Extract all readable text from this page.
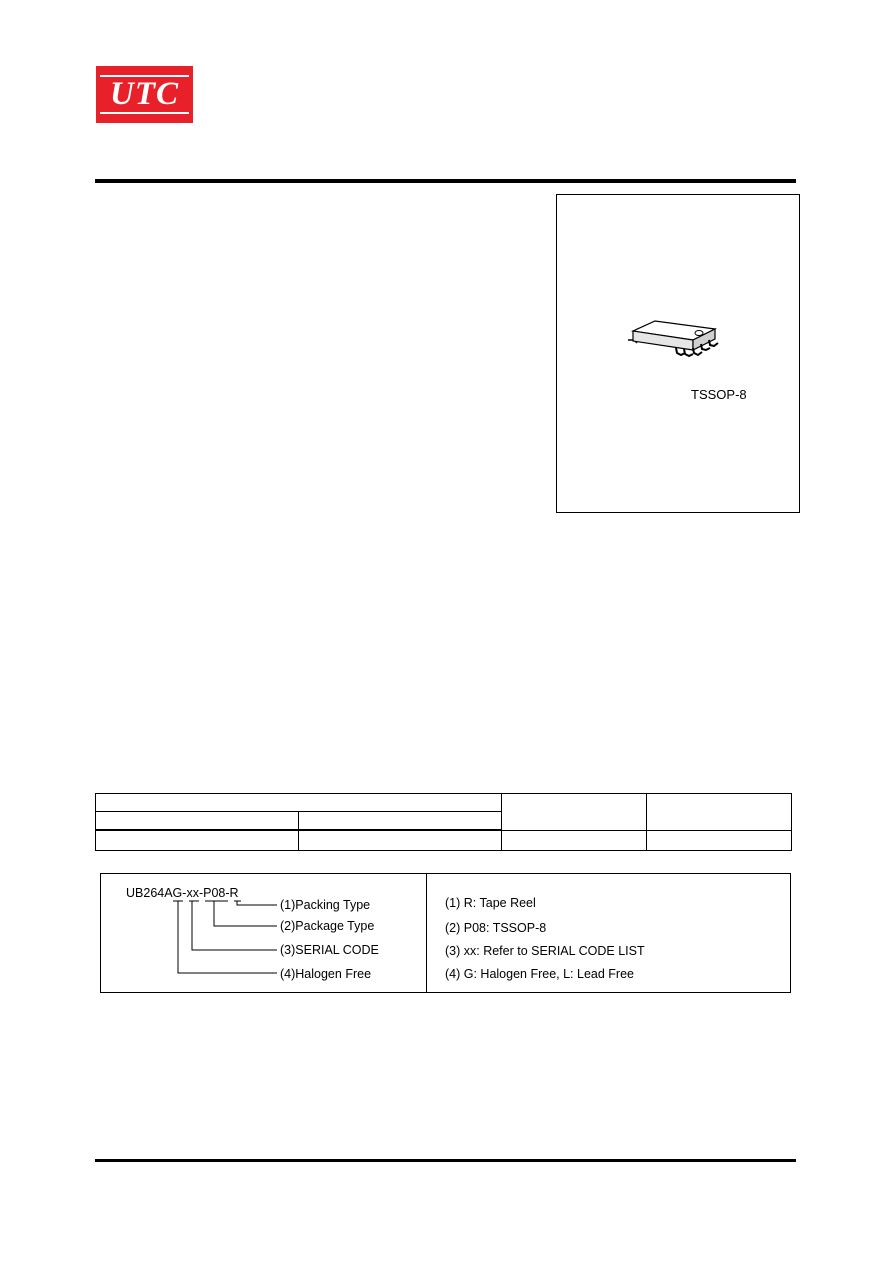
UTC
TSSOP-8

UB264AG-xx-P08-R
(1)Packing Type
(2)Package Type
(3)SERIAL CODE
(4)Halogen Free
(1) R: Tape Reel
(2) P08: TSSOP-8
(3) xx: Refer to SERIAL CODE LIST
(4) G: Halogen Free, L: Lead Free
